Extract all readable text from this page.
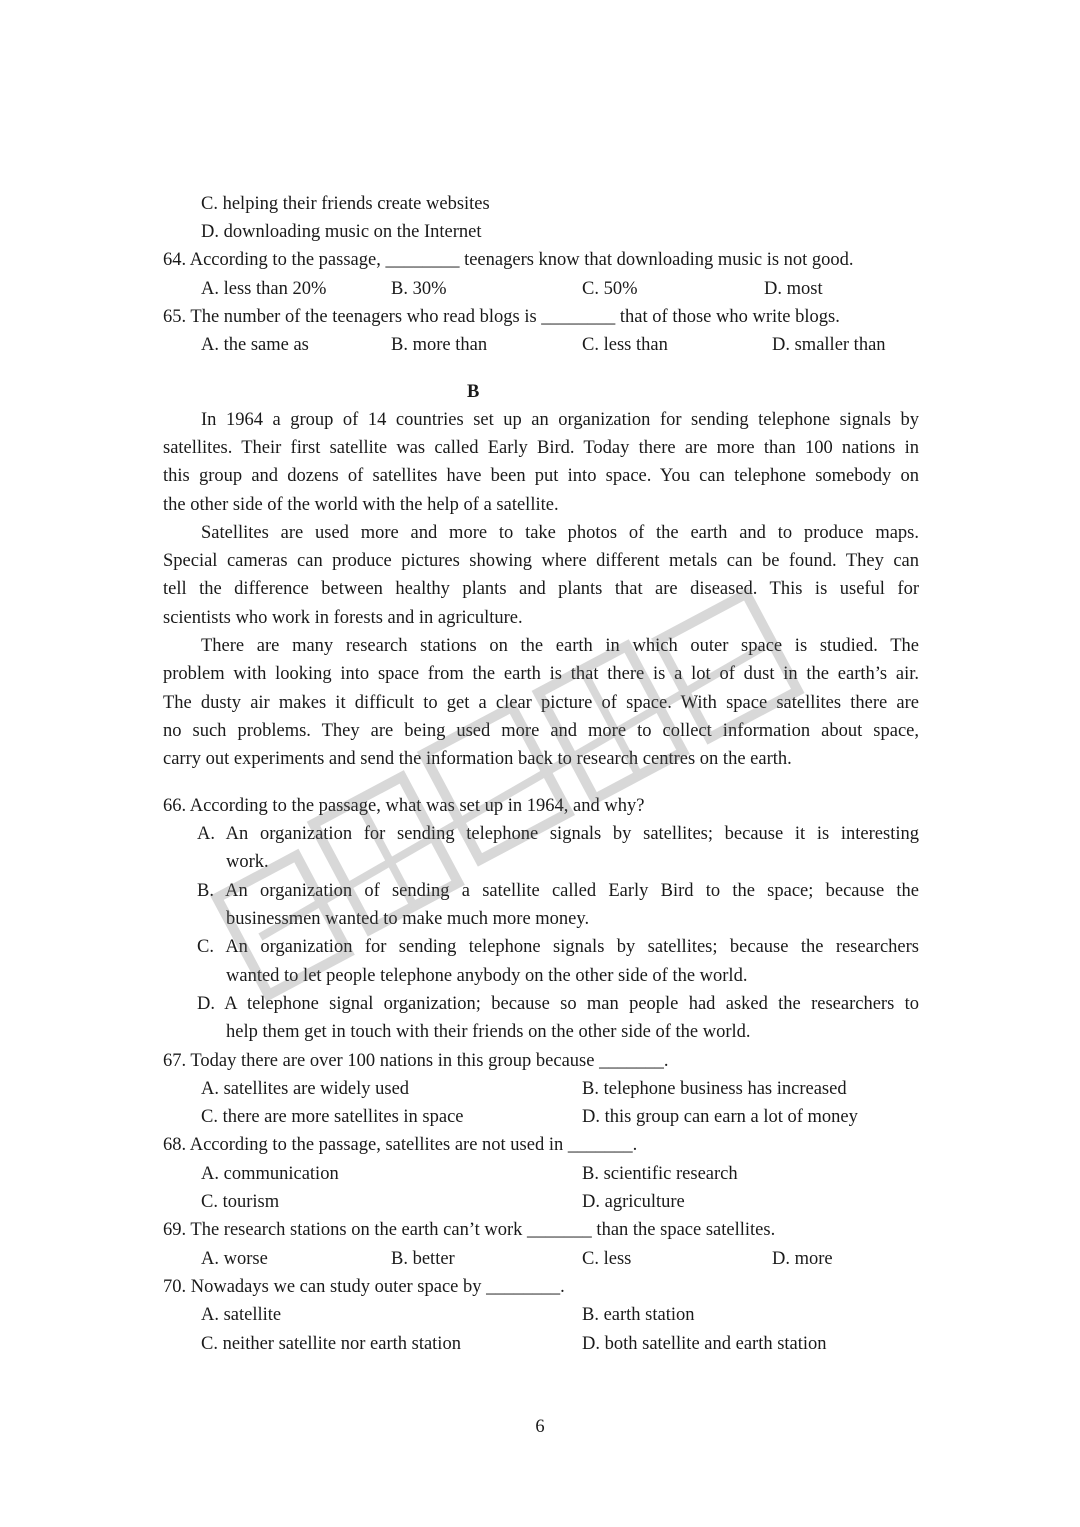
C. helping their friends create websites
D. downloading music on the Internet
64. According to the passage, ________ teenagers know that downloading music is not good.
A. less than 20%	B. 30%	C. 50%	D. most
65. The number of the teenagers who read blogs is ________ that of those who write blogs.
A. the same as	B. more than	C. less than	D. smaller than
B
In 1964 a group of 14 countries set up an organization for sending telephone signals by
satellites. Their first satellite was called Early Bird. Today there are more than 100 nations in
this group and dozens of satellites have been put into space. You can telephone somebody on
the other side of the world with the help of a satellite.
Satellites are used more and more to take photos of the earth and to produce maps.
Special cameras can produce pictures showing where different metals can be found. They can
tell the difference between healthy plants and plants that are diseased. This is useful for
scientists who work in forests and in agriculture.
There are many research stations on the earth in which outer space is studied. The
problem with looking into space from the earth is that there is a lot of dust in the earth’s air.
The dusty air makes it difficult to get a clear picture of space. With space satellites there are
no such problems. They are being used more and more to collect information about space,
carry out experiments and send the information back to research centres on the earth.
66. According to the passage, what was set up in 1964, and why?
A. An organization for sending telephone signals by satellites; because it is interesting
work.
B. An organization of sending a satellite called Early Bird to the space; because the
businessmen wanted to make much more money.
C. An organization for sending telephone signals by satellites; because the researchers
wanted to let people telephone anybody on the other side of the world.
D. A telephone signal organization; because so man people had asked the researchers to
help them get in touch with their friends on the other side of the world.
67. Today there are over 100 nations in this group because _______.
A. satellites are widely used	B. telephone business has increased
C. there are more satellites in space	D. this group can earn a lot of money
68. According to the passage, satellites are not used in _______.
A. communication	B. scientific research
C. tourism	D. agriculture
69. The research stations on the earth can’t work _______ than the space satellites.
A. worse	B. better	C. less	D. more
70. Nowadays we can study outer space by ________.
A. satellite	B. earth station
C. neither satellite nor earth station	D. both satellite and earth station
6
